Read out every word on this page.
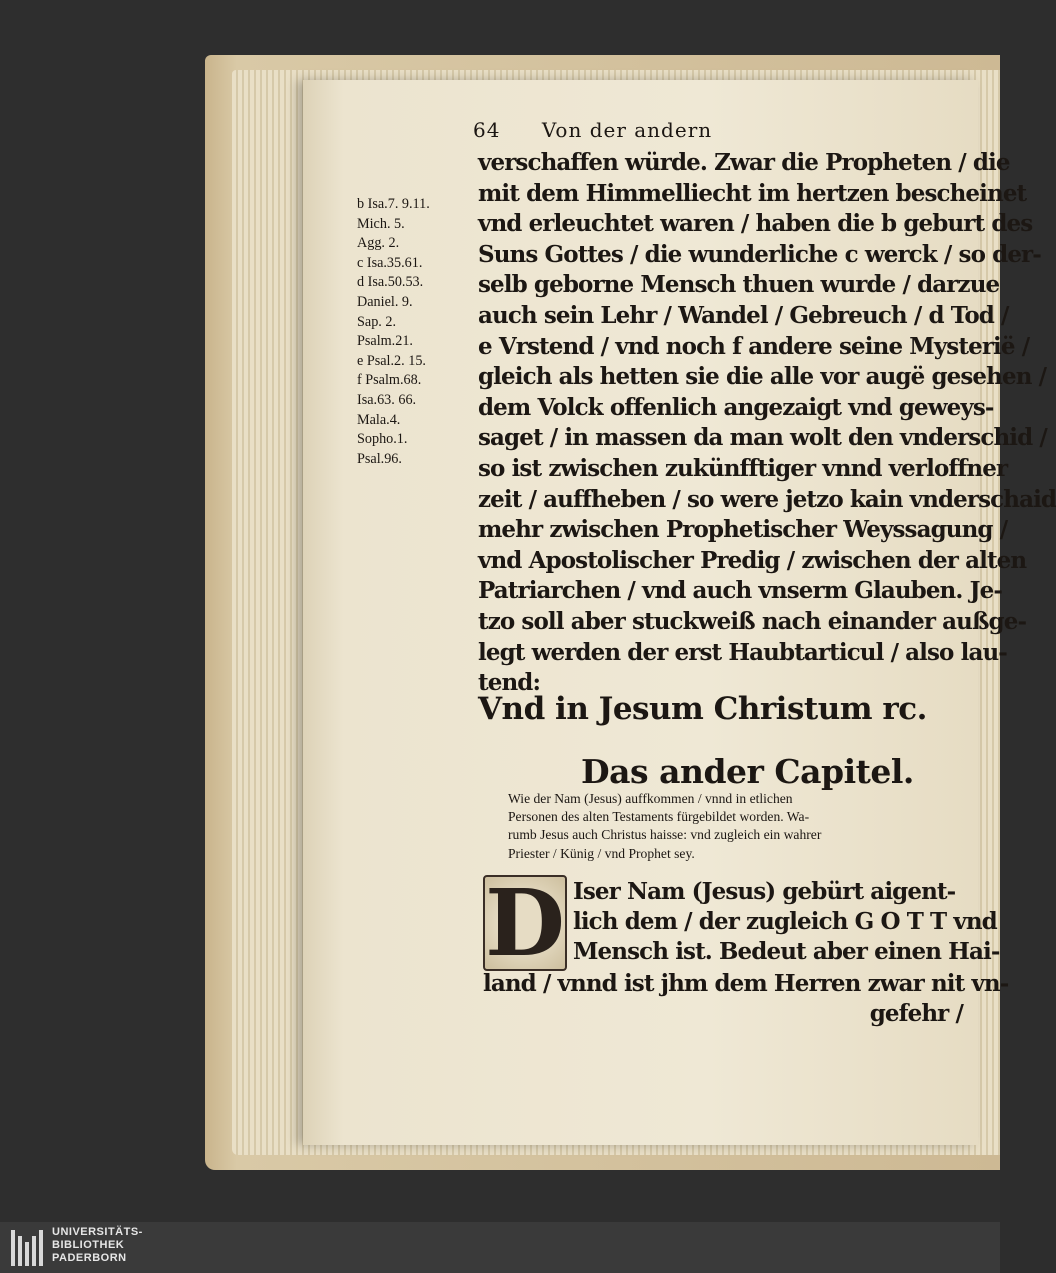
64 Von der andern
b Isa.7. 9.11.
Mich. 5.
Agg. 2.
c Isa.35.61.
d Isa.50.53.
Daniel. 9.
Sap. 2.
Psalm.21.
e Psal.2. 15.
f Psalm.68.
Isa.63. 66.
Mala.4.
Sopho.1.
Psal.96.
verschaffen würde. Zwar die Propheten / die
mit dem Himmelliecht im hertzen bescheinet
vnd erleuchtet waren / haben die b geburt des
Suns Gottes / die wunderliche c werck / so der-
selb geborne Mensch thuen wurde / darzue
auch sein Lehr / Wandel / Gebreuch / d Tod /
e Vrstend / vnd noch f andere seine Mysterië /
gleich als hetten sie die alle vor augë gesehen /
dem Volck offenlich angezaigt vnd geweys-
saget / in massen da man wolt den vnderschid /
so ist zwischen zukünfftiger vnnd verloffner
zeit / auffheben / so were jetzo kain vnderschaid
mehr zwischen Prophetischer Weyssagung /
vnd Apostolischer Predig / zwischen der alten
Patriarchen / vnd auch vnserm Glauben. Je-
tzo soll aber stuckweiß nach einander außge-
legt werden der erst Haubtarticul / also lau-
tend:
Vnd in Jesum Christum rc.
Das ander Capitel.
Wie der Nam (Jesus) auffkommen / vnnd in etlichen
Personen des alten Testaments fürgebildet worden. Wa-
rumb Jesus auch Christus haisse: vnd zugleich ein wahrer
Priester / Künig / vnd Prophet sey.
D Iser Nam (Jesus) gebürt aigent-
lich dem / der zugleich G O T T vnd
Mensch ist. Bedeut aber einen Hai-
land / vnnd ist jhm dem Herren zwar nit vn-
gefehr /
UNIVERSITÄTS-
BIBLIOTHEK
PADERBORN
